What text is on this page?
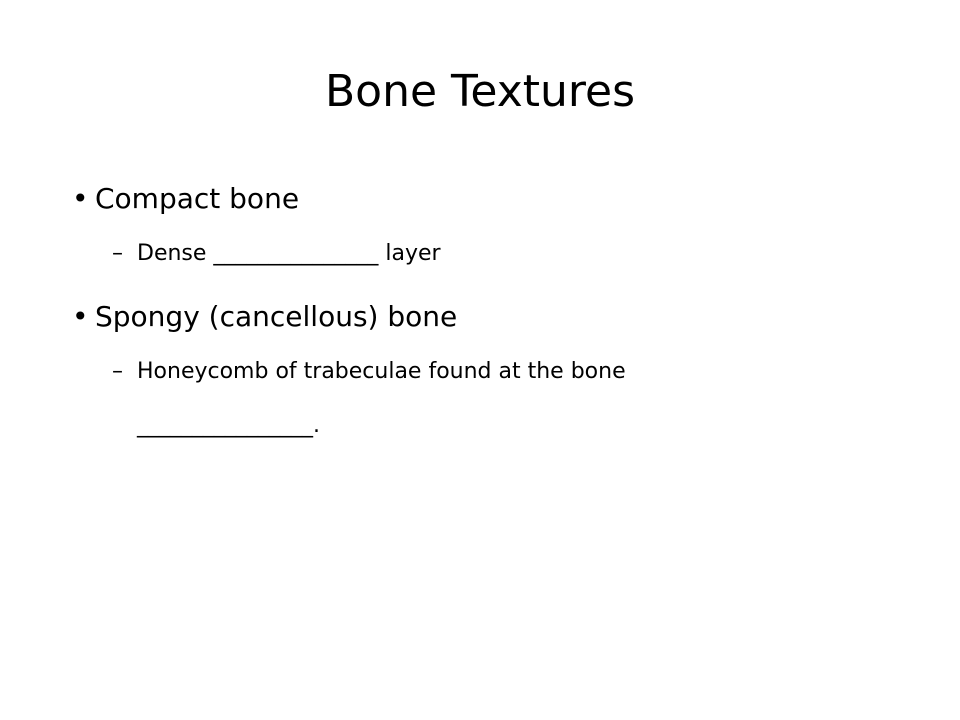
Bone Textures
• Compact bone
– Dense _______________ layer
• Spongy (cancellous) bone
– Honeycomb of trabeculae found at the bone
________________.
